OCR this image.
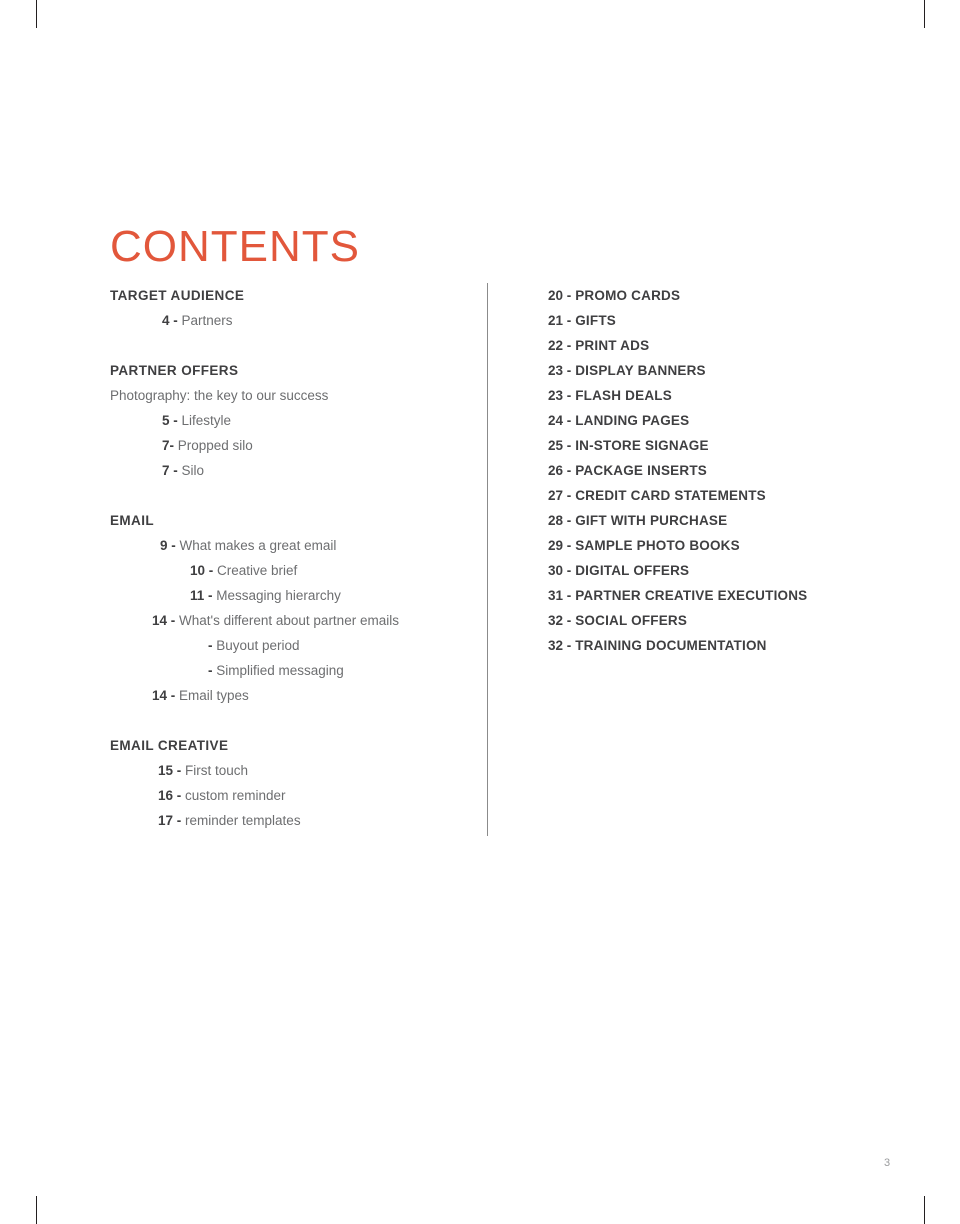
CONTENTS
TARGET AUDIENCE
4 - Partners
PARTNER OFFERS
Photography: the key to our success
5 - Lifestyle
7- Propped silo
7 - Silo
EMAIL
9 - What makes a great email
10 - Creative brief
11 - Messaging hierarchy
14 - What's different about partner emails
- Buyout period
- Simplified messaging
14 - Email types
EMAIL CREATIVE
15 - First touch
16 - custom reminder
17 - reminder templates
20 - PROMO CARDS
21 - GIFTS
22 - PRINT ADS
23 - DISPLAY BANNERS
23 - FLASH DEALS
24 - LANDING PAGES
25 - IN-STORE SIGNAGE
26 - PACKAGE INSERTS
27 - CREDIT CARD STATEMENTS
28 - GIFT WITH PURCHASE
29 - SAMPLE PHOTO BOOKS
30 - DIGITAL OFFERS
31 - PARTNER CREATIVE EXECUTIONS
32 - SOCIAL OFFERS
32 - TRAINING DOCUMENTATION
3
